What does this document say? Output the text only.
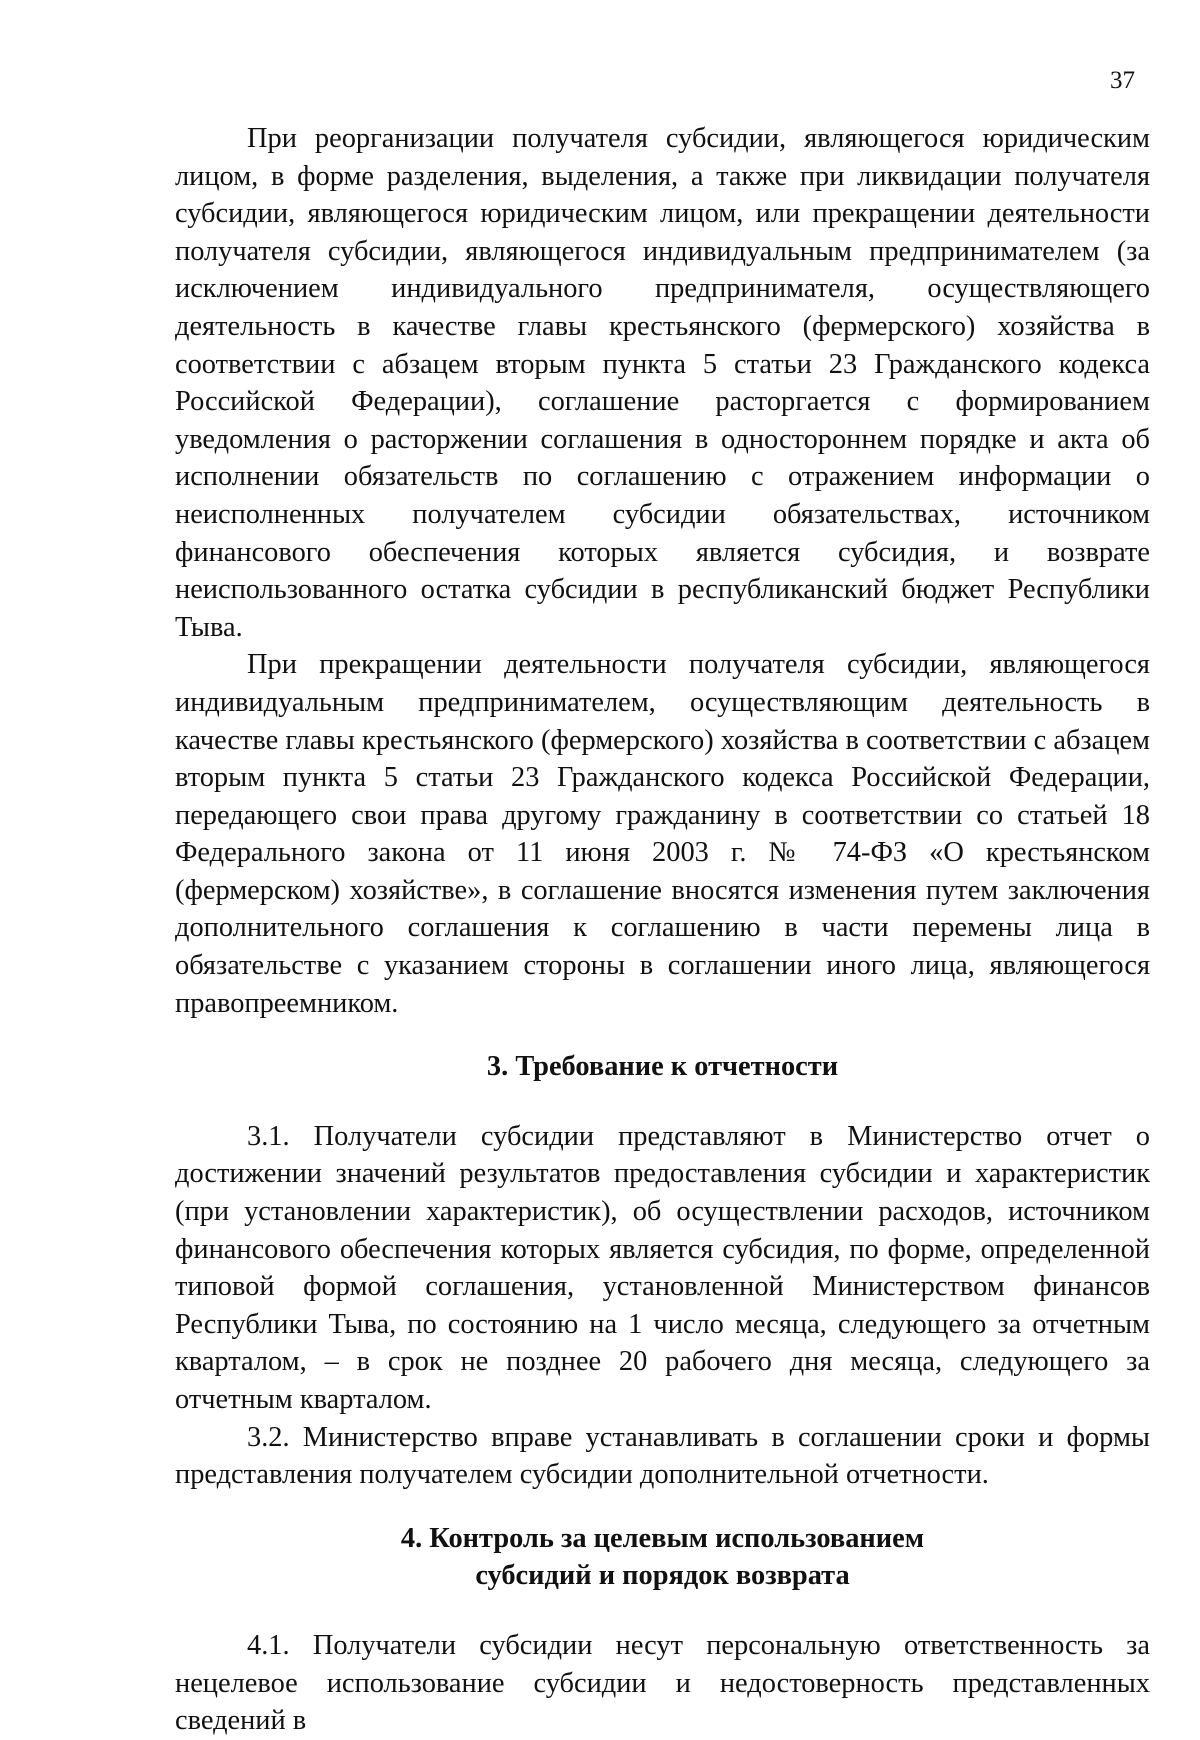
37

При реорганизации получателя субсидии, являющегося юридическим лицом, в форме разделения, выделения, а также при ликвидации получателя субсидии, являющегося юридическим лицом, или прекращении деятельности получателя субсидии, являющегося индивидуальным предпринимателем (за исключением индивидуального предпринимателя, осуществляющего деятельность в качестве главы крестьянского (фермерского) хозяйства в соответствии с абзацем вторым пункта 5 статьи 23 Гражданского кодекса Российской Федерации), соглашение расторгается с формированием уведомления о расторжении соглашения в одностороннем порядке и акта об исполнении обязательств по соглашению с отражением информации о неисполненных получателем субсидии обязательствах, источником финансового обеспечения которых является субсидия, и возврате неиспользованного остатка субсидии в республиканский бюджет Республики Тыва.

При прекращении деятельности получателя субсидии, являющегося индивидуальным предпринимателем, осуществляющим деятельность в качестве главы крестьянского (фермерского) хозяйства в соответствии с абзацем вторым пункта 5 статьи 23 Гражданского кодекса Российской Федерации, передающего свои права другому гражданину в соответствии со статьей 18 Федерального закона от 11 июня 2003 г. № 74-ФЗ «О крестьянском (фермерском) хозяйстве», в соглашение вносятся изменения путем заключения дополнительного соглашения к соглашению в части перемены лица в обязательстве с указанием стороны в соглашении иного лица, являющегося правопреемником.

3. Требование к отчетности

3.1. Получатели субсидии представляют в Министерство отчет о достижении значений результатов предоставления субсидии и характеристик (при установлении характеристик), об осуществлении расходов, источником финансового обеспечения которых является субсидия, по форме, определенной типовой формой соглашения, установленной Министерством финансов Республики Тыва, по состоянию на 1 число месяца, следующего за отчетным кварталом, – в срок не позднее 20 рабочего дня месяца, следующего за отчетным кварталом.

3.2. Министерство вправе устанавливать в соглашении сроки и формы представления получателем субсидии дополнительной отчетности.

4. Контроль за целевым использованием
субсидий и порядок возврата

4.1. Получатели субсидии несут персональную ответственность за нецелевое использование субсидии и недостоверность представленных сведений в
